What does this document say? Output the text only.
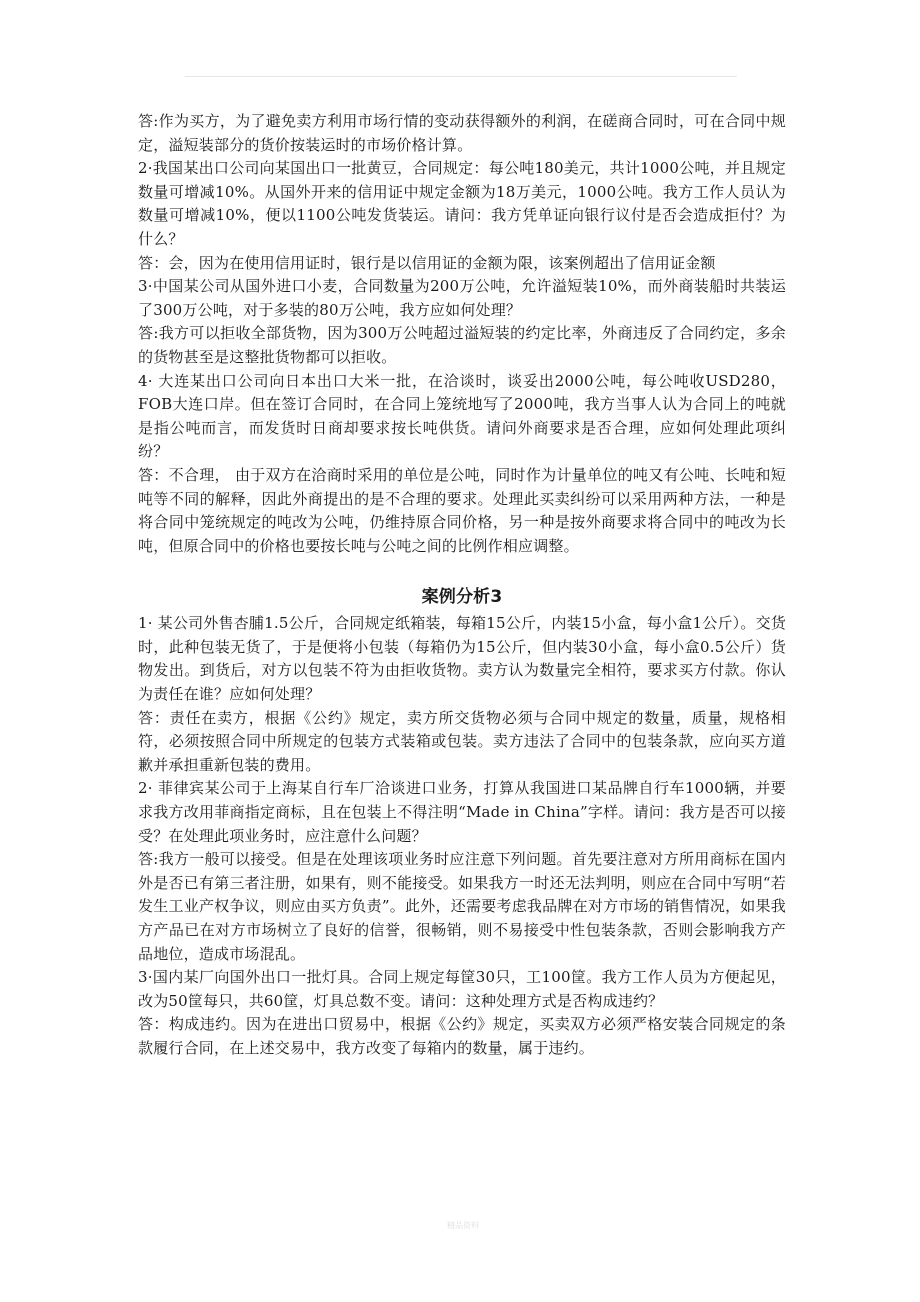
答:作为买方，为了避免卖方利用市场行情的变动获得额外的利润，在磋商合同时，可在合同中规定，溢短装部分的货价按装运时的市场价格计算。

2·我国某出口公司向某国出口一批黄豆，合同规定：每公吨180美元，共计1000公吨，并且规定数量可增减10%。从国外开来的信用证中规定金额为18万美元，1000公吨。我方工作人员认为数量可增减10%，便以1100公吨发货装运。请问：我方凭单证向银行议付是否会造成拒付？为什么？

答：会，因为在使用信用证时，银行是以信用证的金额为限，该案例超出了信用证金额

3·中国某公司从国外进口小麦，合同数量为200万公吨，允许溢短装10%，而外商装船时共装运了300万公吨，对于多装的80万公吨，我方应如何处理？

答:我方可以拒收全部货物，因为300万公吨超过溢短装的约定比率，外商违反了合同约定，多余的货物甚至是这整批货物都可以拒收。

4· 大连某出口公司向日本出口大米一批，在洽谈时，谈妥出2000公吨，每公吨收USD280，FOB大连口岸。但在签订合同时，在合同上笼统地写了2000吨，我方当事人认为合同上的吨就是指公吨而言，而发货时日商却要求按长吨供货。请问外商要求是否合理，应如何处理此项纠纷？

答：不合理， 由于双方在洽商时采用的单位是公吨，同时作为计量单位的吨又有公吨、长吨和短吨等不同的解释，因此外商提出的是不合理的要求。处理此买卖纠纷可以采用两种方法，一种是将合同中笼统规定的吨改为公吨，仍维持原合同价格，另一种是按外商要求将合同中的吨改为长吨，但原合同中的价格也要按长吨与公吨之间的比例作相应调整。

案例分析3

1· 某公司外售杏脯1.5公斤，合同规定纸箱装，每箱15公斤，内装15小盒，每小盒1公斤）。交货时，此种包装无货了，于是便将小包装（每箱仍为15公斤，但内装30小盒，每小盒0.5公斤）货物发出。到货后，对方以包装不符为由拒收货物。卖方认为数量完全相符，要求买方付款。你认为责任在谁？应如何处理？

答：责任在卖方，根据《公约》规定，卖方所交货物必须与合同中规定的数量，质量，规格相符，必须按照合同中所规定的包装方式装箱或包装。卖方违法了合同中的包装条款，应向买方道歉并承担重新包装的费用。

2· 菲律宾某公司于上海某自行车厂洽谈进口业务，打算从我国进口某品牌自行车1000辆，并要求我方改用菲商指定商标，且在包装上不得注明“Made in China”字样。请问：我方是否可以接受？在处理此项业务时，应注意什么问题？

答:我方一般可以接受。但是在处理该项业务时应注意下列问题。首先要注意对方所用商标在国内外是否已有第三者注册，如果有，则不能接受。如果我方一时还无法判明，则应在合同中写明“若发生工业产权争议，则应由买方负责”。此外，还需要考虑我品牌在对方市场的销售情况，如果我方产品已在对方市场树立了良好的信誉，很畅销，则不易接受中性包装条款，否则会影响我方产品地位，造成市场混乱。

3·国内某厂向国外出口一批灯具。合同上规定每筐30只，工100筐。我方工作人员为方便起见，改为50筐每只，共60筐，灯具总数不变。请问：这种处理方式是否构成违约？

答：构成违约。因为在进出口贸易中，根据《公约》规定，买卖双方必须严格安装合同规定的条款履行合同，在上述交易中，我方改变了每箱内的数量，属于违约。

精品资料
